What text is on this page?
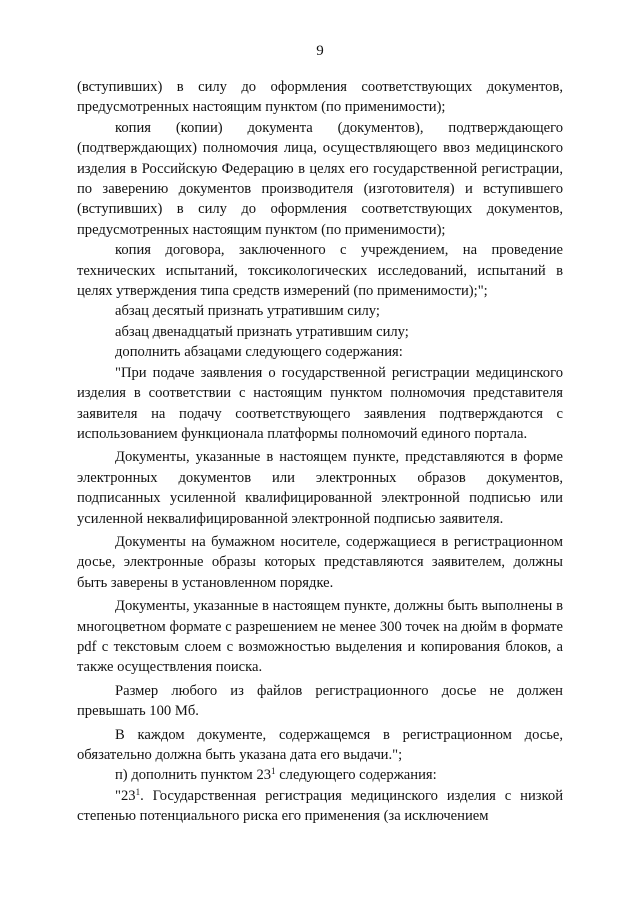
9

(вступивших) в силу до оформления соответствующих документов, предусмотренных настоящим пунктом (по применимости);

копия (копии) документа (документов), подтверждающего (подтверждающих) полномочия лица, осуществляющего ввоз медицинского изделия в Российскую Федерацию в целях его государственной регистрации, по заверению документов производителя (изготовителя) и вступившего (вступивших) в силу до оформления соответствующих документов, предусмотренных настоящим пунктом (по применимости);

копия договора, заключенного с учреждением, на проведение технических испытаний, токсикологических исследований, испытаний в целях утверждения типа средств измерений (по применимости);";

абзац десятый признать утратившим силу;

абзац двенадцатый признать утратившим силу;

дополнить абзацами следующего содержания:

"При подаче заявления о государственной регистрации медицинского изделия в соответствии с настоящим пунктом полномочия представителя заявителя на подачу соответствующего заявления подтверждаются с использованием функционала платформы полномочий единого портала.

Документы, указанные в настоящем пункте, представляются в форме электронных документов или электронных образов документов, подписанных усиленной квалифицированной электронной подписью или усиленной неквалифицированной электронной подписью заявителя.

Документы на бумажном носителе, содержащиеся в регистрационном досье, электронные образы которых представляются заявителем, должны быть заверены в установленном порядке.

Документы, указанные в настоящем пункте, должны быть выполнены в многоцветном формате с разрешением не менее 300 точек на дюйм в формате pdf с текстовым слоем с возможностью выделения и копирования блоков, а также осуществления поиска.

Размер любого из файлов регистрационного досье не должен превышать 100 Мб.

В каждом документе, содержащемся в регистрационном досье, обязательно должна быть указана дата его выдачи.";

п) дополнить пунктом $23^1$ следующего содержания:

"$23^1$. Государственная регистрация медицинского изделия с низкой степенью потенциального риска его применения (за исключением
